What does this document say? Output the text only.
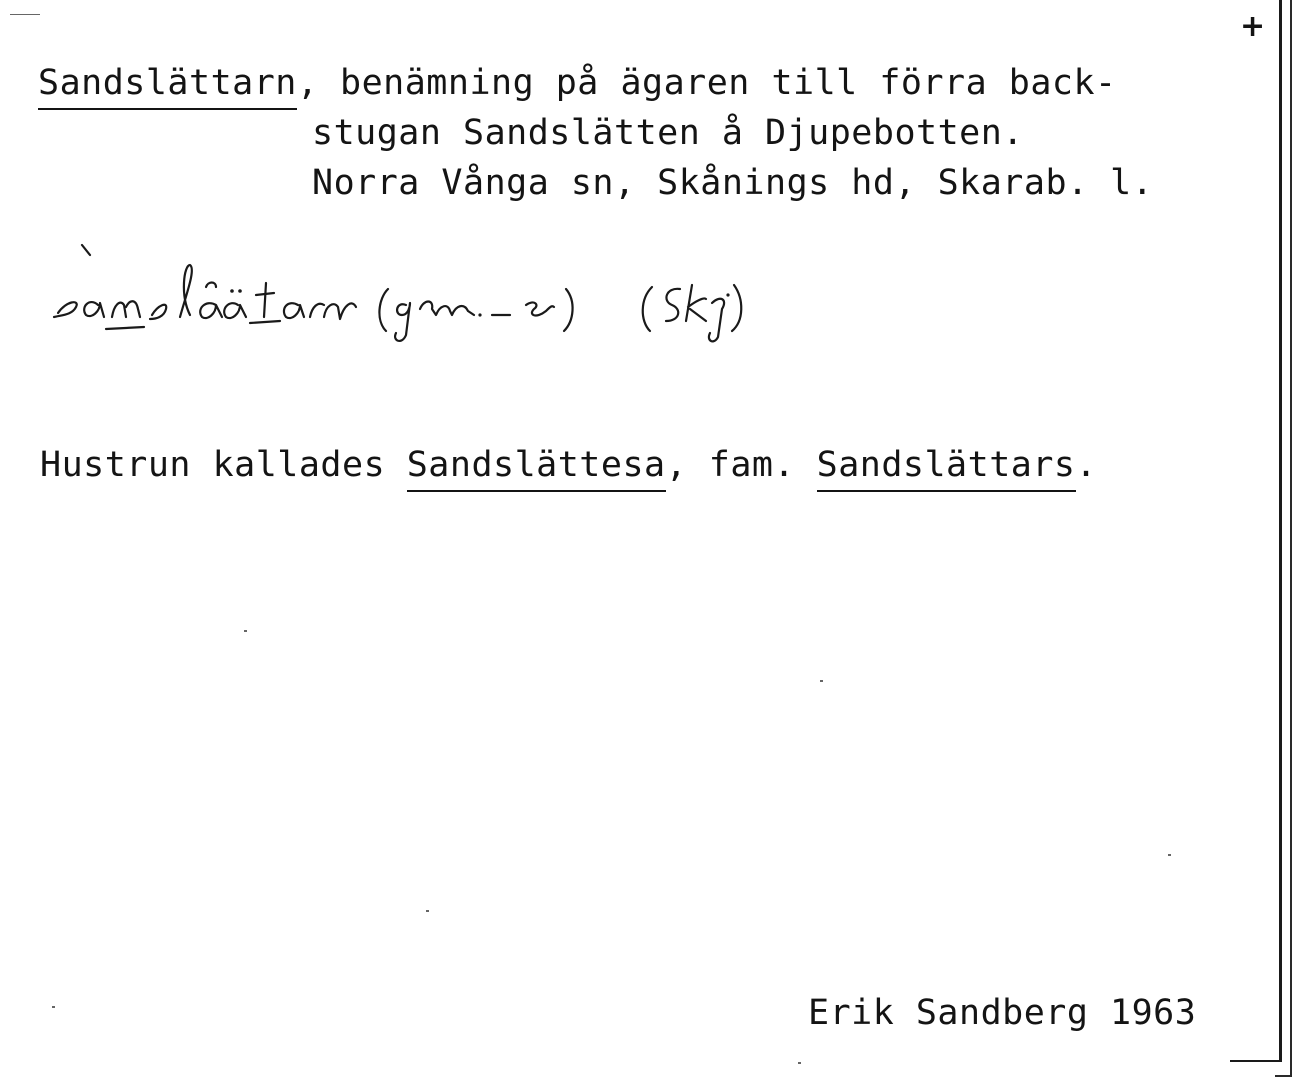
+
Sandslättarn, benämning på ägaren till förra back-
stugan Sandslätten å Djupebotten.
Norra Vånga sn, Skånings hd, Skarab. l.
Hustrun kallades Sandslättesa, fam. Sandslättars.
Erik Sandberg 1963
